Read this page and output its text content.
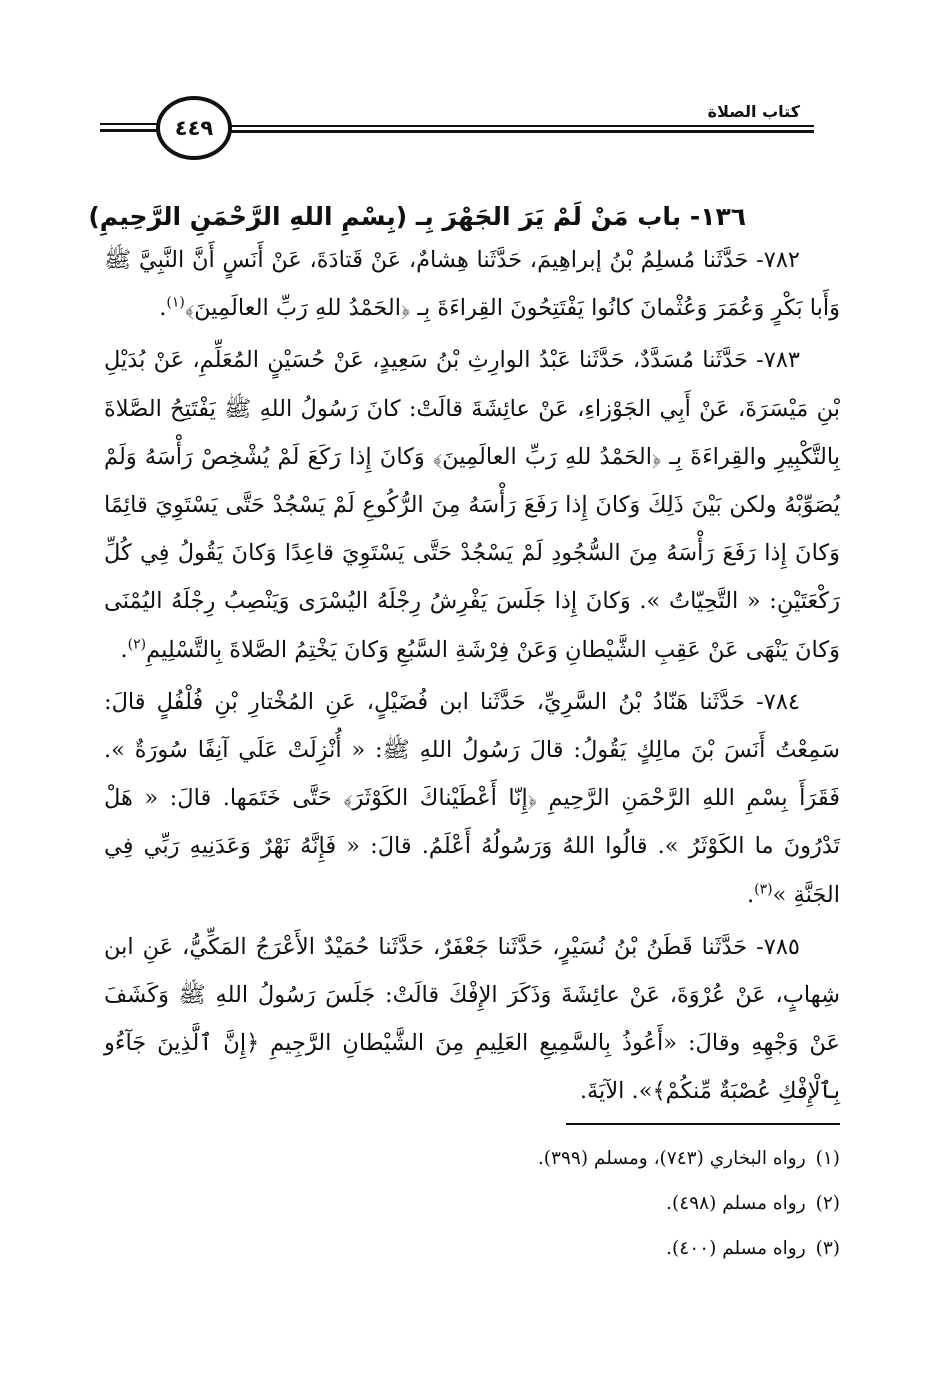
كتاب الصلاة
٤٤٩
١٣٦- باب مَنْ لَمْ يَرَ الجَهْرَ بِـ (بِسْمِ اللهِ الرَّحْمَنِ الرَّحِيمِ)

٧٨٢- حَدَّثَنا مُسلِمُ بْنُ إبراهِيمَ، حَدَّثَنا هِشامٌ، عَنْ قَتادَةَ، عَنْ أَنَسٍ أَنَّ النَّبِيَّ ﷺ وَأَبا بَكْرٍ وَعُمَرَ وَعُثْمانَ كانُوا يَفْتَتِحُونَ القِراءَةَ بِـ ﴿الحَمْدُ للهِ رَبِّ العالَمِينَ﴾$^{(١)}$.

٧٨٣- حَدَّثَنا مُسَدَّدٌ، حَدَّثَنا عَبْدُ الوارِثِ بْنُ سَعِيدٍ، عَنْ حُسَيْنٍ المُعَلِّمِ، عَنْ بُدَيْلِ بْنِ مَيْسَرَةَ، عَنْ أَبِي الجَوْزاءِ، عَنْ عائِشَةَ قالَتْ: كانَ رَسُولُ اللهِ ﷺ يَفْتَتِحُ الصَّلاةَ بِالتَّكْبِيرِ والقِراءَةَ بِـ ﴿الحَمْدُ للهِ رَبِّ العالَمِينَ﴾ وَكانَ إِذا رَكَعَ لَمْ يُشْخِصْ رَأْسَهُ وَلَمْ يُصَوِّبْهُ ولكن بَيْنَ ذَلِكَ وَكانَ إِذا رَفَعَ رَأْسَهُ مِنَ الرُّكُوعِ لَمْ يَسْجُدْ حَتَّى يَسْتَوِيَ قائِمًا وَكانَ إِذا رَفَعَ رَأْسَهُ مِنَ السُّجُودِ لَمْ يَسْجُدْ حَتَّى يَسْتَوِيَ قاعِدًا وَكانَ يَقُولُ فِي كُلِّ رَكْعَتَيْنِ: « التَّحِيّاتُ ». وَكانَ إِذا جَلَسَ يَفْرِشُ رِجْلَهُ اليُسْرَى وَيَنْصِبُ رِجْلَهُ اليُمْنَى وَكانَ يَنْهَى عَنْ عَقِبِ الشَّيْطانِ وَعَنْ فِرْشَةِ السَّبُعِ وَكانَ يَخْتِمُ الصَّلاةَ بِالتَّسْلِيمِ$^{(٢)}$.

٧٨٤- حَدَّثَنا هَنّادُ بْنُ السَّرِيِّ، حَدَّثَنا ابن فُضَيْلٍ، عَنِ المُخْتارِ بْنِ فُلْفُلٍ قالَ: سَمِعْتُ أَنَسَ بْنَ مالِكٍ يَقُولُ: قالَ رَسُولُ اللهِ ﷺ: « أُنْزِلَتْ عَلَي آنِفًا سُورَةٌ ». فَقَرَأَ بِسْمِ اللهِ الرَّحْمَنِ الرَّحِيمِ ﴿إِنّا أَعْطَيْناكَ الكَوْثَرَ﴾ حَتَّى خَتَمَها. قالَ: « هَلْ تَدْرُونَ ما الكَوْثَرُ ». قالُوا اللهُ وَرَسُولُهُ أَعْلَمُ. قالَ: « فَإِنَّهُ نَهْرٌ وَعَدَنِيهِ رَبِّي فِي الجَنَّةِ »$^{(٣)}$.

٧٨٥- حَدَّثَنا قَطَنُ بْنُ نُسَيْرٍ، حَدَّثَنا جَعْفَرٌ، حَدَّثَنا حُمَيْدٌ الأَعْرَجُ المَكِّيُّ، عَنِ ابن شِهابٍ، عَنْ عُرْوَةَ، عَنْ عائِشَةَ وَذَكَرَ الإِفْكَ قالَتْ: جَلَسَ رَسُولُ اللهِ ﷺ وَكَشَفَ عَنْ وَجْهِهِ وقالَ: «أَعُوذُ بِالسَّمِيعِ العَلِيمِ مِنَ الشَّيْطانِ الرَّجِيمِ ﴿إِنَّ ٱلَّذِينَ جَآءُو بِٱلْإِفْكِ عُصْبَةٌ مِّنكُمْ﴾». الآيَةَ.

(١)رواه البخاري (٧٤٣)، ومسلم (٣٩٩).

(٢)رواه مسلم (٤٩٨).

(٣)رواه مسلم (٤٠٠).
